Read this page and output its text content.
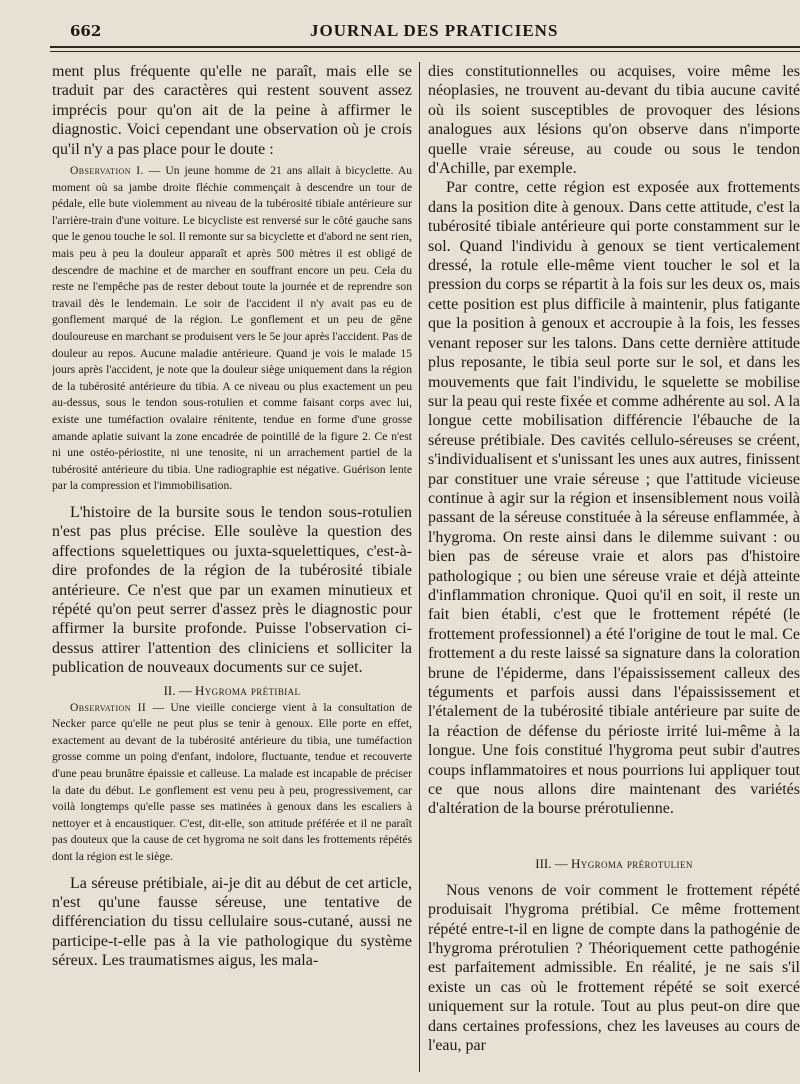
662	JOURNAL DES PRATICIENS

ment plus fréquente qu'elle ne paraît, mais elle se traduit par des caractères qui restent souvent assez imprécis pour qu'on ait de la peine à affirmer le diagnostic. Voici cependant une observation où je crois qu'il n'y a pas place pour le doute :

Observation I. — Un jeune homme de 21 ans allait à bicyclette. Au moment où sa jambe droite fléchie commençait à descendre un tour de pédale, elle bute violemment au niveau de la tubérosité tibiale antérieure sur l'arrière-train d'une voiture. Le bicycliste est renversé sur le côté gauche sans que le genou touche le sol. Il remonte sur sa bicyclette et d'abord ne sent rien, mais peu à peu la douleur apparaît et après 500 mètres il est obligé de descendre de machine et de marcher en souffrant encore un peu. Cela du reste ne l'empêche pas de rester debout toute la journée et de reprendre son travail dès le lendemain. Le soir de l'accident il n'y avait pas eu de gonflement marqué de la région. Le gonflement et un peu de gêne douloureuse en marchant se produisent vers le 5e jour après l'accident. Pas de douleur au repos. Aucune maladie antérieure. Quand je vois le malade 15 jours après l'accident, je note que la douleur siège uniquement dans la région de la tubérosité antérieure du tibia. A ce niveau ou plus exactement un peu au-dessus, sous le tendon sous-rotulien et comme faisant corps avec lui, existe une tuméfaction ovalaire rénitente, tendue en forme d'une grosse amande aplatie suivant la zone encadrée de pointillé de la figure 2. Ce n'est ni une ostéo-périostite, ni une tenosite, ni un arrachement partiel de la tubérosité antérieure du tibia. Une radiographie est négative. Guérison lente par la compression et l'immobilisation.

L'histoire de la bursite sous le tendon sous-rotulien n'est pas plus précise. Elle soulève la question des affections squelettiques ou juxta-squelettiques, c'est-à-dire profondes de la région de la tubérosité tibiale antérieure. Ce n'est que par un examen minutieux et répété qu'on peut serrer d'assez près le diagnostic pour affirmer la bursite profonde. Puisse l'observation ci-dessus attirer l'attention des cliniciens et solliciter la publication de nouveaux documents sur ce sujet.

II. — Hygroma prétibial

Observation II — Une vieille concierge vient à la consultation de Necker parce qu'elle ne peut plus se tenir à genoux. Elle porte en effet, exactement au devant de la tubérosité antérieure du tibia, une tuméfaction grosse comme un poing d'enfant, indolore, fluctuante, tendue et recouverte d'une peau brunâtre épaissie et calleuse. La malade est incapable de préciser la date du début. Le gonflement est venu peu à peu, progressivement, car voilà longtemps qu'elle passe ses matinées à genoux dans les escaliers à nettoyer et à encaustiquer. C'est, dit-elle, son attitude préférée et il ne paraît pas douteux que la cause de cet hygroma ne soit dans les frottements répétés dont la région est le siège.

La séreuse prétibiale, ai-je dit au début de cet article, n'est qu'une fausse séreuse, une tentative de différenciation du tissu cellulaire sous-cutané, aussi ne participe-t-elle pas à la vie pathologique du système séreux. Les traumatismes aigus, les mala-

dies constitutionnelles ou acquises, voire même les néoplasies, ne trouvent au-devant du tibia aucune cavité où ils soient susceptibles de provoquer des lésions analogues aux lésions qu'on observe dans n'importe quelle vraie séreuse, au coude ou sous le tendon d'Achille, par exemple.

Par contre, cette région est exposée aux frottements dans la position dite à genoux. Dans cette attitude, c'est la tubérosité tibiale antérieure qui porte constamment sur le sol. Quand l'individu à genoux se tient verticalement dressé, la rotule elle-même vient toucher le sol et la pression du corps se répartit à la fois sur les deux os, mais cette position est plus difficile à maintenir, plus fatigante que la position à genoux et accroupie à la fois, les fesses venant reposer sur les talons. Dans cette dernière attitude plus reposante, le tibia seul porte sur le sol, et dans les mouvements que fait l'individu, le squelette se mobilise sur la peau qui reste fixée et comme adhérente au sol. A la longue cette mobilisation différencie l'ébauche de la séreuse prétibiale. Des cavités cellulo-séreuses se créent, s'individualisent et s'unissant les unes aux autres, finissent par constituer une vraie séreuse ; que l'attitude vicieuse continue à agir sur la région et insensiblement nous voilà passant de la séreuse constituée à la séreuse enflammée, à l'hygroma. On reste ainsi dans le dilemme suivant : ou bien pas de séreuse vraie et alors pas d'histoire pathologique ; ou bien une séreuse vraie et déjà atteinte d'inflammation chronique. Quoi qu'il en soit, il reste un fait bien établi, c'est que le frottement répété (le frottement professionnel) a été l'origine de tout le mal. Ce frottement a du reste laissé sa signature dans la coloration brune de l'épiderme, dans l'épaississement calleux des téguments et parfois aussi dans l'épaississement et l'étalement de la tubérosité tibiale antérieure par suite de la réaction de défense du périoste irrité lui-même à la longue. Une fois constitué l'hygroma peut subir d'autres coups inflammatoires et nous pourrions lui appliquer tout ce que nous allons dire maintenant des variétés d'altération de la bourse prérotulienne.

III. — Hygroma prérotulien

Nous venons de voir comment le frottement répété produisait l'hygroma prétibial. Ce même frottement répété entre-t-il en ligne de compte dans la pathogénie de l'hygroma prérotulien ? Théoriquement cette pathogénie est parfaitement admissible. En réalité, je ne sais s'il existe un cas où le frottement répété se soit exercé uniquement sur la rotule. Tout au plus peut-on dire que dans certaines professions, chez les laveuses au cours de l'eau, par
